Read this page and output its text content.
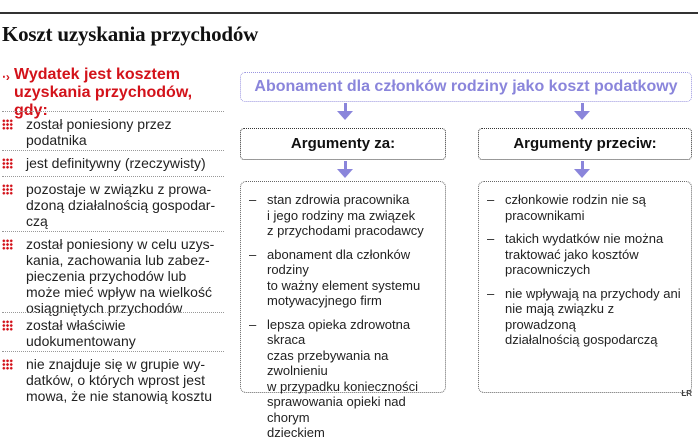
Koszt uzyskania przychodów
⋅› Wydatek jest kosztem
uzyskania przychodów, gdy:
został poniesiony przez
podatnika
jest definitywny (rzeczywisty)
pozostaje w związku z prowa-
dzoną działalnością gospodar-
czą
został poniesiony w celu uzys-
kania, zachowania lub zabez-
pieczenia przychodów lub
może mieć wpływ na wielkość
osiągniętych przychodów
został właściwie
udokumentowany
nie znajduje się w grupie wy-
datków, o których wprost jest
mowa, że nie stanowią kosztu
Abonament dla członków rodziny jako koszt podatkowy
Argumenty za:	Argumenty przeciw:
– stan zdrowia pracownika
i jego rodziny ma związek
z przychodami pracodawcy
– abonament dla członków rodziny
to ważny element systemu
motywacyjnego firm
– lepsza opieka zdrowotna skraca
czas przebywania na zwolnieniu
w przypadku konieczności
sprawowania opieki nad chorym
dzieckiem
– członkowie rodzin nie są
pracownikami
– takich wydatków nie można
traktować jako kosztów
pracowniczych
– nie wpływają na przychody ani
nie mają związku z prowadzoną
działalnością gospodarczą
ŁR
